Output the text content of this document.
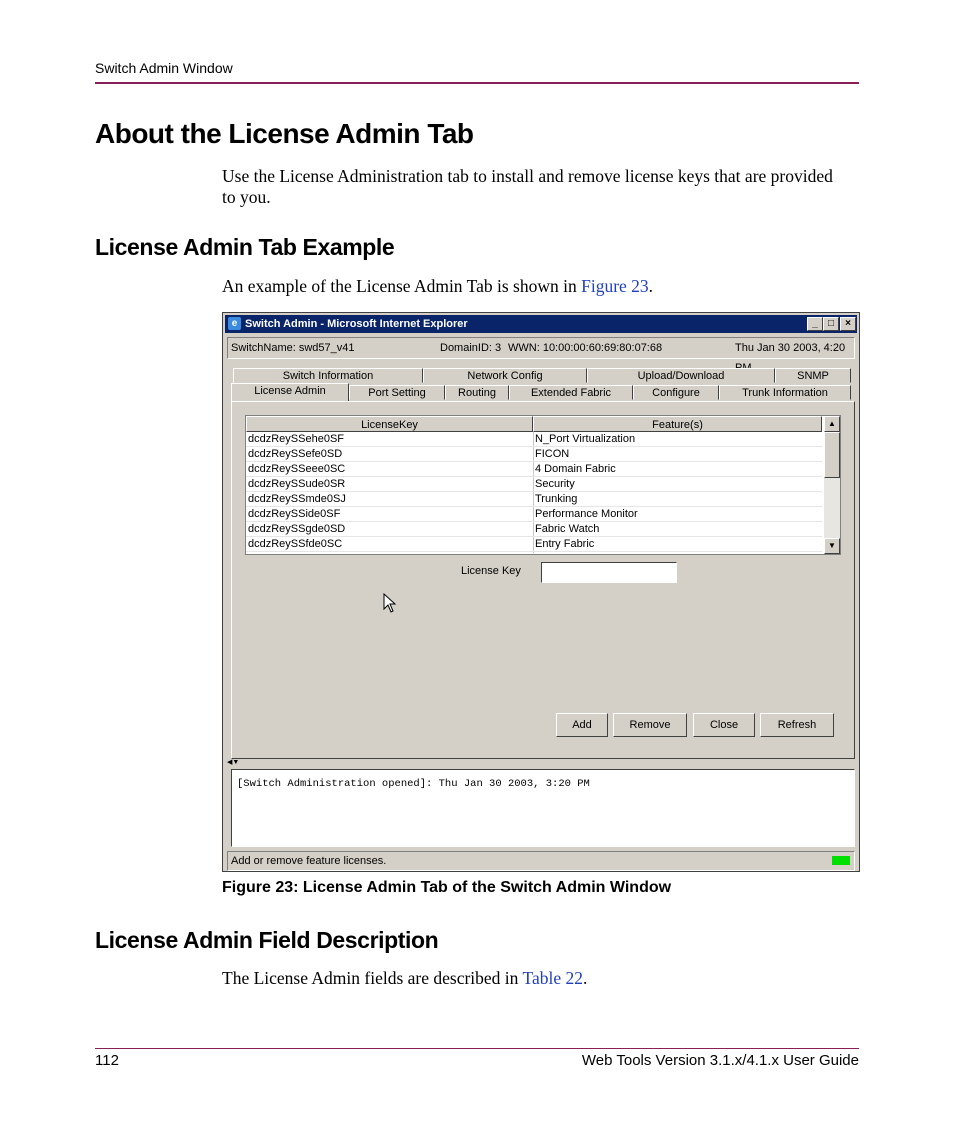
Switch Admin Window
About the License Admin Tab
Use the License Administration tab to install and remove license keys that are provided to you.
License Admin Tab Example
An example of the License Admin Tab is shown in Figure 23.
e Switch Admin - Microsoft Internet Explorer	_	□	×
SwitchName: swd57_v41	DomainID: 3 WWN: 10:00:00:60:69:80:07:68	Thu Jan 30 2003, 4:20
Switch Information	Network Config	Upload/Download	SNMP
License Admin	Port Setting	Routing	Extended Fabric	Configure	Trunk Information
LicenseKey	Feature(s)
dcdzReySSehe0SF	N_Port Virtualization
dcdzReySSefe0SD	FICON
dcdzReySSeee0SC	4 Domain Fabric
dcdzReySSude0SR	Security
dcdzReySSmde0SJ	Trunking
dcdzReySSide0SF	Performance Monitor
dcdzReySSgde0SD	Fabric Watch
dcdzReySSfde0SC	Entry Fabric
▲
▼
License Key
Add	Remove	Close	Refresh
◀▼
[Switch Administration opened]: Thu Jan 30 2003, 3:20 PM
Add or remove feature licenses.
Figure 23: License Admin Tab of the Switch Admin Window
License Admin Field Description
The License Admin fields are described in Table 22.
112	Web Tools Version 3.1.x/4.1.x User Guide
